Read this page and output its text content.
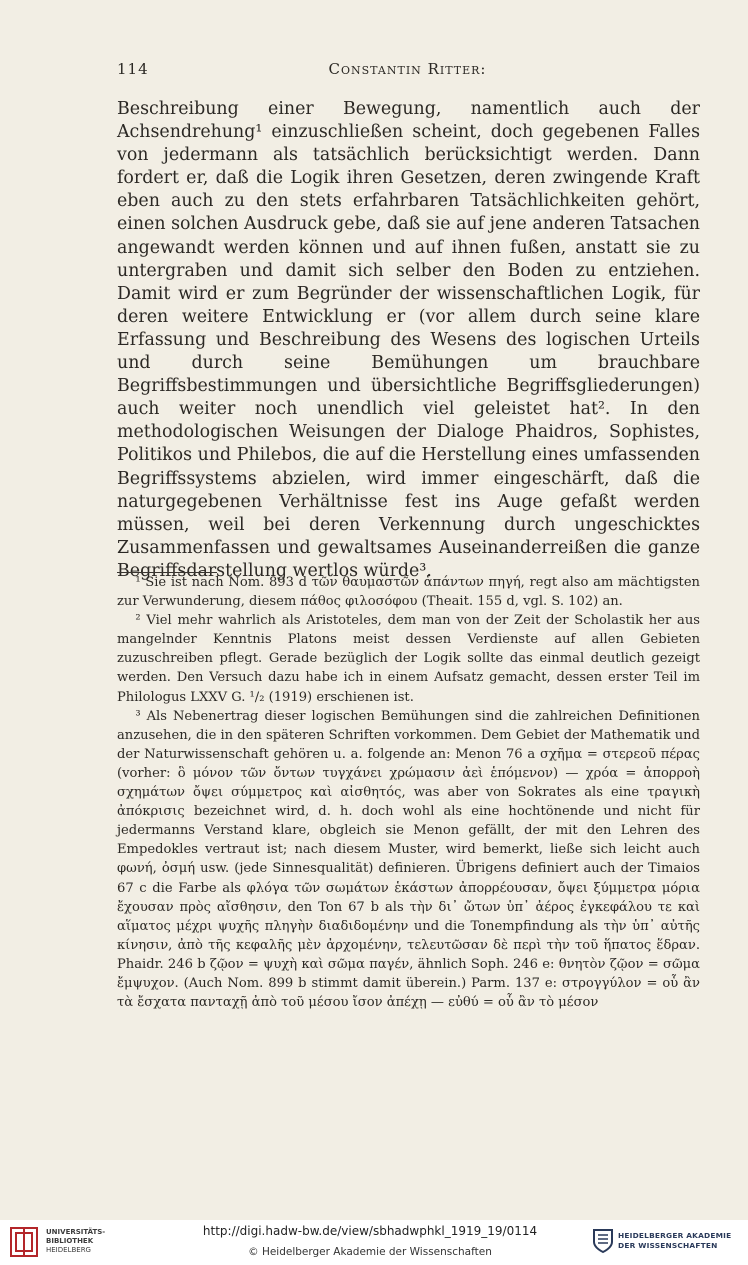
114	Constantin Ritter:

Beschreibung einer Bewegung, namentlich auch der Achsendrehung¹ einzuschließen scheint, doch gegebenen Falles von jedermann als tatsächlich berücksichtigt werden. Dann fordert er, daß die Logik ihren Gesetzen, deren zwingende Kraft eben auch zu den stets erfahrbaren Tatsächlichkeiten gehört, einen solchen Ausdruck gebe, daß sie auf jene anderen Tatsachen angewandt werden können und auf ihnen fußen, anstatt sie zu untergraben und damit sich selber den Boden zu entziehen. Damit wird er zum Begründer der wissenschaftlichen Logik, für deren weitere Entwicklung er (vor allem durch seine klare Erfassung und Beschreibung des Wesens des logischen Urteils und durch seine Bemühungen um brauchbare Begriffsbestimmungen und übersichtliche Begriffsgliederungen) auch weiter noch unendlich viel geleistet hat². In den methodologischen Weisungen der Dialoge Phaidros, Sophistes, Politikos und Philebos, die auf die Herstellung eines umfassenden Begriffssystems abzielen, wird immer eingeschärft, daß die naturgegebenen Verhältnisse fest ins Auge gefaßt werden müssen, weil bei deren Verkennung durch ungeschicktes Zusammenfassen und gewaltsames Auseinanderreißen die ganze Begriffsdarstellung wertlos würde³.

¹ Sie ist nach Nom. 893 d τῶν θαυμαστῶν ἁπάντων πηγή, regt also am mächtigsten zur Verwunderung, diesem πάθος φιλοσόφου (Theait. 155 d, vgl. S. 102) an.

² Viel mehr wahrlich als Aristoteles, dem man von der Zeit der Scholastik her aus mangelnder Kenntnis Platons meist dessen Verdienste auf allen Gebieten zuzuschreiben pflegt. Gerade bezüglich der Logik sollte das einmal deutlich gezeigt werden. Den Versuch dazu habe ich in einem Aufsatz gemacht, dessen erster Teil im Philologus LXXV G. ¹/₂ (1919) erschienen ist.

³ Als Nebenertrag dieser logischen Bemühungen sind die zahlreichen Definitionen anzusehen, die in den späteren Schriften vorkommen. Dem Gebiet der Mathematik und der Naturwissenschaft gehören u. a. folgende an: Menon 76 a σχῆμα = στερεοῦ πέρας (vorher: ὃ μόνον τῶν ὄντων τυγχάνει χρώμασιν ἀεὶ ἑπόμενον) — χρόα = ἀπορροὴ σχημάτων ὄψει σύμμετρος καὶ αἰσθητός, was aber von Sokrates als eine τραγικὴ ἀπόκρισις bezeichnet wird, d. h. doch wohl als eine hochtönende und nicht für jedermanns Verstand klare, obgleich sie Menon gefällt, der mit den Lehren des Empedokles vertraut ist; nach diesem Muster, wird bemerkt, ließe sich leicht auch φωνή, ὀσμή usw. (jede Sinnesqualität) definieren. Übrigens definiert auch der Timaios 67 c die Farbe als φλόγα τῶν σωμάτων ἑκάστων ἀπορρέουσαν, ὄψει ξύμμετρα μόρια ἔχουσαν πρὸς αἴσθησιν, den Ton 67 b als τὴν δι᾽ ὤτων ὑπ᾽ ἀέρος ἐγκεφάλου τε καὶ αἵματος μέχρι ψυχῆς πληγὴν διαδιδομένην und die Tonempfindung als τὴν ὑπ᾽ αὐτῆς κίνησιν, ἀπὸ τῆς κεφαλῆς μὲν ἀρχομένην, τελευτῶσαν δὲ περὶ τὴν τοῦ ἥπατος ἕδραν. Phaidr. 246 b ζῷον = ψυχὴ καὶ σῶμα παγέν, ähnlich Soph. 246 e: θνητὸν ζῷον = σῶμα ἔμψυχον. (Auch Nom. 899 b stimmt damit überein.) Parm. 137 e: στρογγύλον = οὗ ἂν τὰ ἔσχατα πανταχῇ ἀπὸ τοῦ μέσου ἴσον ἀπέχῃ — εὐθύ = οὗ ἂν τὸ μέσον

UNIVERSITÄTS-
BIBLIOTHEK
HEIDELBERG
http://digi.hadw-bw.de/view/sbhadwphkl_1919_19/0114
© Heidelberger Akademie der Wissenschaften
HEIDELBERGER AKADEMIE
DER WISSENSCHAFTEN
